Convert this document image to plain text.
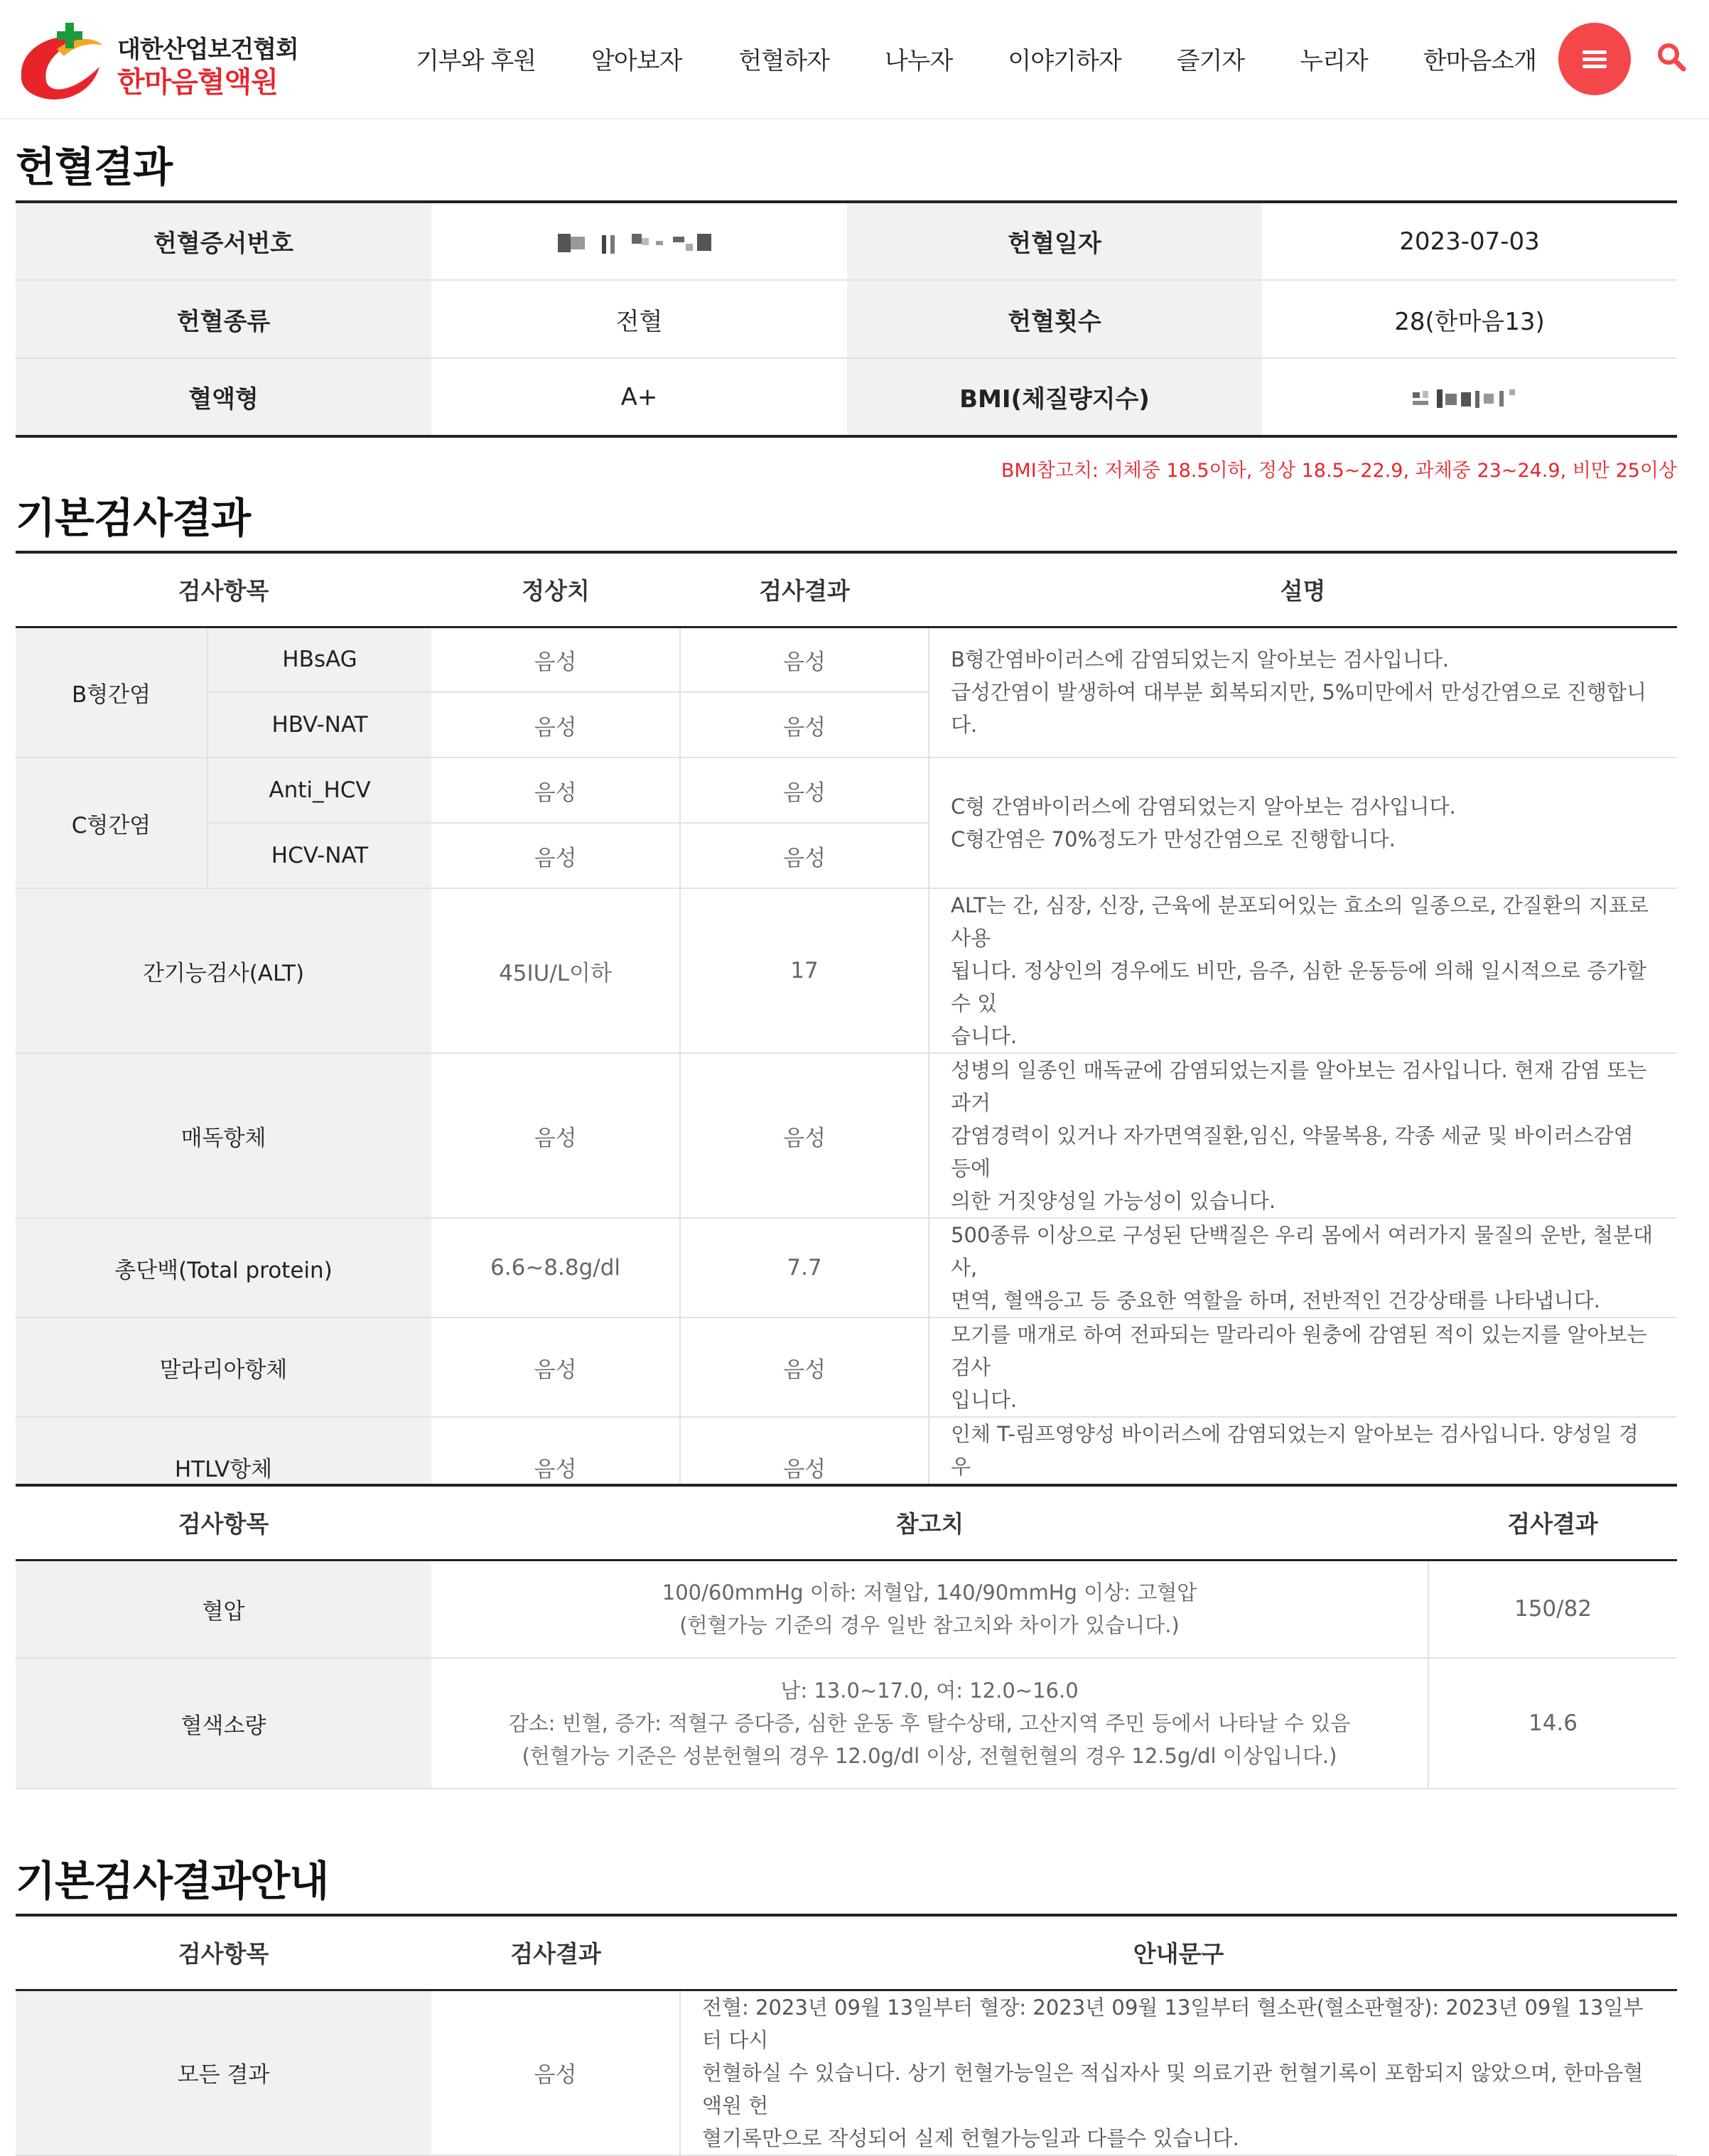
대한산업보건협회
한마음혈액원
기부와 후원 알아보자 헌혈하자 나누자 이야기하자 즐기자 누리자 한마음소개
헌혈결과
헌혈증서번호		헌혈일자	2023-07-03
헌혈종류	전혈	헌혈횟수	28(한마음13)
혈액형	A+	BMI(체질량지수)	
BMI참고치: 저체중 18.5이하, 정상 18.5~22.9, 과체중 23~24.9, 비만 25이상
기본검사결과
검사항목		정상치	검사결과	설명
B형간염	HBsAG	음성	음성	B형간염바이러스에 감염되었는지 알아보는 검사입니다.
급성간염이 발생하여 대부분 회복되지만, 5%미만에서 만성간염으로 진행합니다.

	HBV-NAT	음성	음성	
C형간염	Anti_HCV	음성	음성	C형 간염바이러스에 감염되었는지 알아보는 검사입니다.
C형간염은 70%정도가 만성간염으로 진행합니다.

	HCV-NAT	음성	음성	
간기능검사(ALT)		45IU/L이하	17	ALT는 간, 심장, 신장, 근육에 분포되어있는 효소의 일종으로, 간질환의 지표로 사용
됩니다. 정상인의 경우에도 비만, 음주, 심한 운동등에 의해 일시적으로 증가할 수 있
습니다.

매독항체		음성	음성	성병의 일종인 매독균에 감염되었는지를 알아보는 검사입니다. 현재 감염 또는 과거
감염경력이 있거나 자가면역질환,임신, 약물복용, 각종 세균 및 바이러스감염 등에
의한 거짓양성일 가능성이 있습니다.

총단백(Total protein)		6.6~8.8g/dl	7.7	500종류 이상으로 구성된 단백질은 우리 몸에서 여러가지 물질의 운반, 철분대사,
면역, 혈액응고 등 중요한 역할을 하며, 전반적인 건강상태를 나타냅니다.

말라리아항체		음성	음성	모기를 매개로 하여 전파되는 말라리아 원충에 감염된 적이 있는지를 알아보는 검사
입니다.

HTLV항체		음성	음성	인체 T-림프영양성 바이러스에 감염되었는지 알아보는 검사입니다. 양성일 경우
검사항목	참고치	검사결과
혈압	100/60mmHg 이하: 저혈압, 140/90mmHg 이상: 고혈압
(헌혈가능 기준의 경우 일반 참고치와 차이가 있습니다.)	150/82
혈색소량	남: 13.0~17.0, 여: 12.0~16.0
감소: 빈혈, 증가: 적혈구 증다증, 심한 운동 후 탈수상태, 고산지역 주민 등에서 나타날 수 있음
(헌혈가능 기준은 성분헌혈의 경우 12.0g/dl 이상, 전혈헌혈의 경우 12.5g/dl 이상입니다.)	14.6
기본검사결과안내
검사항목	검사결과	안내문구
모든 결과	음성	전혈: 2023년 09월 13일부터 혈장: 2023년 09월 13일부터 혈소판(혈소판혈장): 2023년 09월 13일부터 다시
헌혈하실 수 있습니다. 상기 헌혈가능일은 적십자사 및 의료기관 헌혈기록이 포함되지 않았으며, 한마음혈액원 헌
혈기록만으로 작성되어 실제 헌혈가능일과 다를수 있습니다.
